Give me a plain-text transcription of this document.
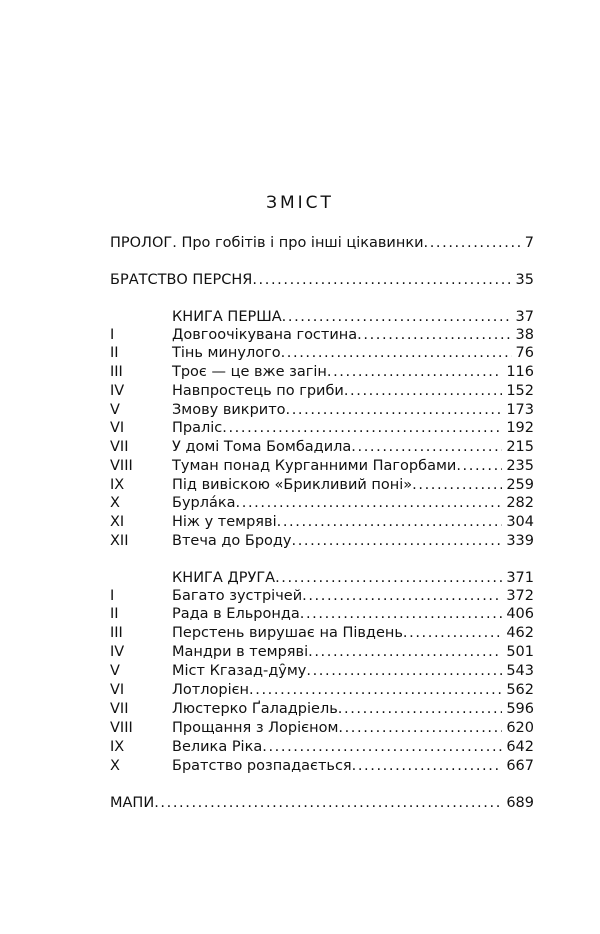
ЗМІСТ
ПРОЛОГ. Про гобітів і про інші цікавинки .....	7
БРАТСТВО ПЕРСНЯ .....	35
КНИГА ПЕРША .....	37
I	Довгоочікувана гостина .....	38
II	Тінь минулого .....	76
III	Троє — це вже загін .....	116
IV	Навпростець по гриби .....	152
V	Змову викрито .....	173
VI	Праліс .....	192
VII	У домі Тома Бомбадила .....	215
VIII	Туман понад Курганними Пагорбами .....	235
IX	Під вивіскою «Брикливий поні» .....	259
X	Бурла́ка .....	282
XI	Ніж у темряві .....	304
XII	Втеча до Броду .....	339
КНИГА ДРУГА .....	371
I	Багато зустрічей .....	372
II	Рада в Ельронда .....	406
III	Перстень вирушає на Південь .....	462
IV	Мандри в темряві .....	501
V	Міст Кгазад-ду̑му .....	543
VI	Лотлорієн .....	562
VII	Люстерко Ґаладріель .....	596
VIII	Прощання з Лорієном .....	620
IX	Велика Ріка .....	642
X	Братство розпадається .....	667
МАПИ .....	689
